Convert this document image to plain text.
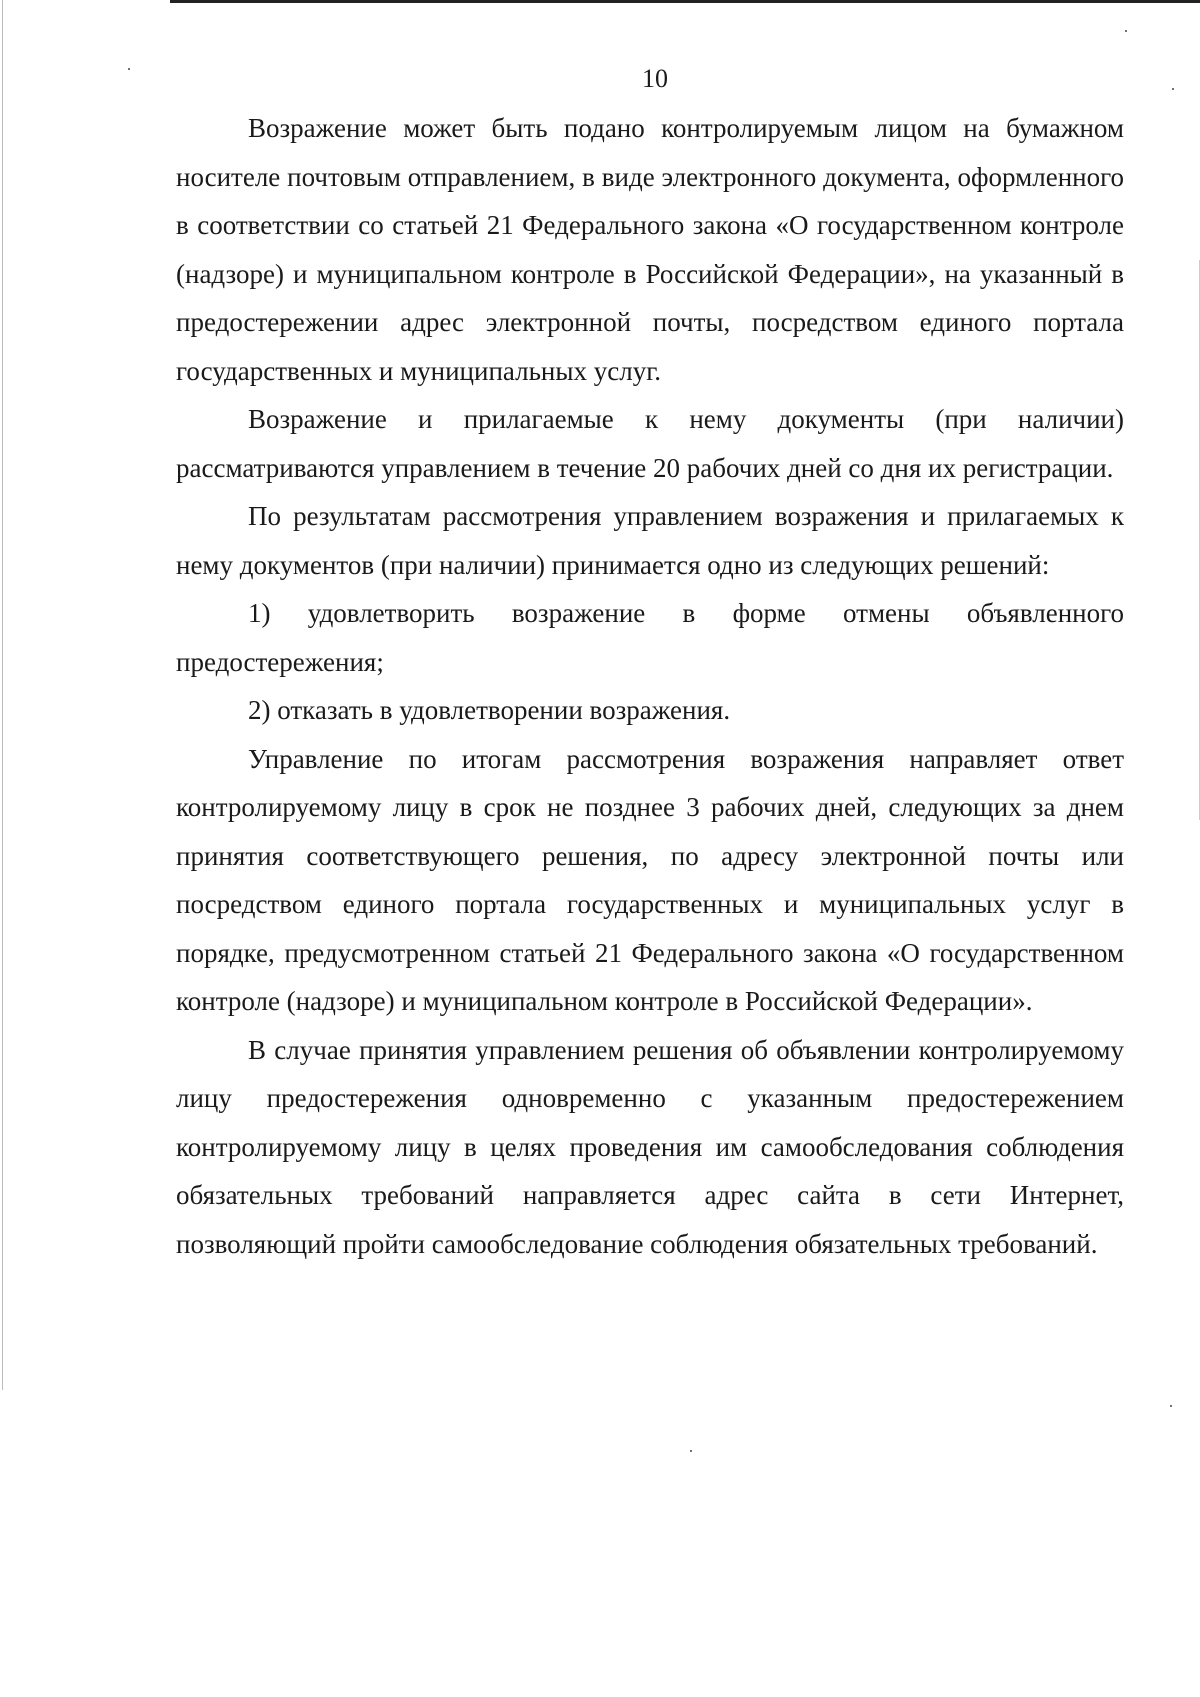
10

Возражение может быть подано контролируемым лицом на бумажном носителе почтовым отправлением, в виде электронного документа, оформленного в соответствии со статьей 21 Федерального закона «О государственном контроле (надзоре) и муниципальном контроле в Российской Федерации», на указанный в предостережении адрес электронной почты, посредством единого портала государственных и муниципальных услуг.

Возражение и прилагаемые к нему документы (при наличии) рассматриваются управлением в течение 20 рабочих дней со дня их регистрации.

По результатам рассмотрения управлением возражения и прилагаемых к нему документов (при наличии) принимается одно из следующих решений:

1) удовлетворить возражение в форме отмены объявленного предостережения;

2) отказать в удовлетворении возражения.

Управление по итогам рассмотрения возражения направляет ответ контролируемому лицу в срок не позднее 3 рабочих дней, следующих за днем принятия соответствующего решения, по адресу электронной почты или посредством единого портала государственных и муниципальных услуг в порядке, предусмотренном статьей 21 Федерального закона «О государственном контроле (надзоре) и муниципальном контроле в Российской Федерации».

В случае принятия управлением решения об объявлении контролируемому лицу предостережения одновременно с указанным предостережением контролируемому лицу в целях проведения им самообследования соблюдения обязательных требований направляется адрес сайта в сети Интернет, позволяющий пройти самообследование соблюдения обязательных требований.
